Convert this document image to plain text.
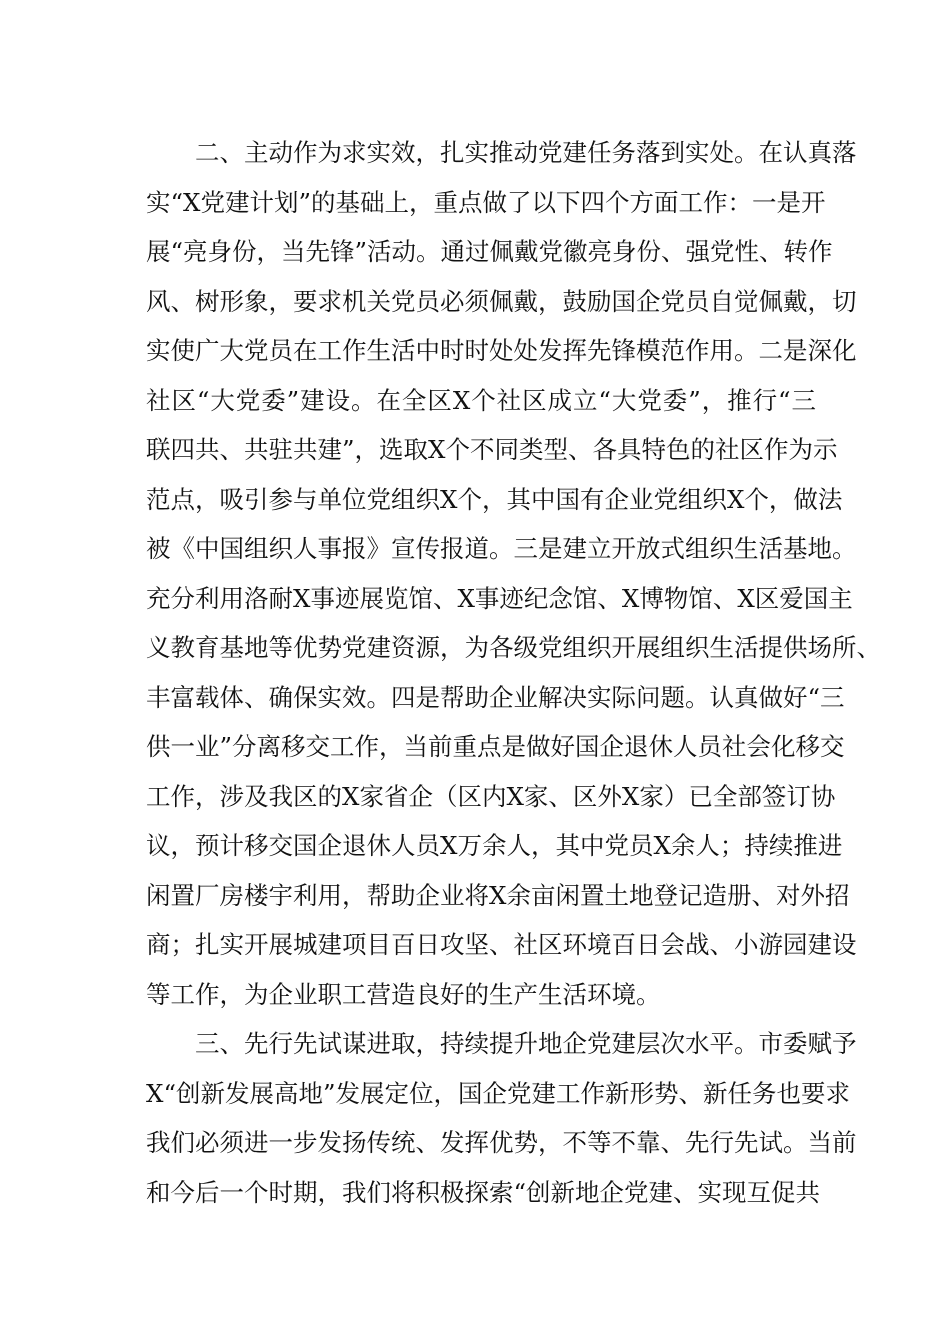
二、主动作为求实效，扎实推动党建任务落到实处。在认真落
实“X党建计划”的基础上，重点做了以下四个方面工作：一是开
展“亮身份，当先锋”活动。通过佩戴党徽亮身份、强党性、转作
风、树形象，要求机关党员必须佩戴，鼓励国企党员自觉佩戴，切
实使广大党员在工作生活中时时处处发挥先锋模范作用。二是深化
社区“大党委”建设。在全区X个社区成立“大党委”，推行“三
联四共、共驻共建”，选取X个不同类型、各具特色的社区作为示
范点，吸引参与单位党组织X个，其中国有企业党组织X个，做法
被《中国组织人事报》宣传报道。三是建立开放式组织生活基地。
充分利用洛耐X事迹展览馆、X事迹纪念馆、X博物馆、X区爱国主
义教育基地等优势党建资源，为各级党组织开展组织生活提供场所、
丰富载体、确保实效。四是帮助企业解决实际问题。认真做好“三
供一业”分离移交工作，当前重点是做好国企退休人员社会化移交
工作，涉及我区的X家省企（区内X家、区外X家）已全部签订协
议，预计移交国企退休人员X万余人，其中党员X余人；持续推进
闲置厂房楼宇利用，帮助企业将X余亩闲置土地登记造册、对外招
商；扎实开展城建项目百日攻坚、社区环境百日会战、小游园建设
等工作，为企业职工营造良好的生产生活环境。
三、先行先试谋进取，持续提升地企党建层次水平。市委赋予
X“创新发展高地”发展定位，国企党建工作新形势、新任务也要求
我们必须进一步发扬传统、发挥优势，不等不靠、先行先试。当前
和今后一个时期，我们将积极探索“创新地企党建、实现互促共
